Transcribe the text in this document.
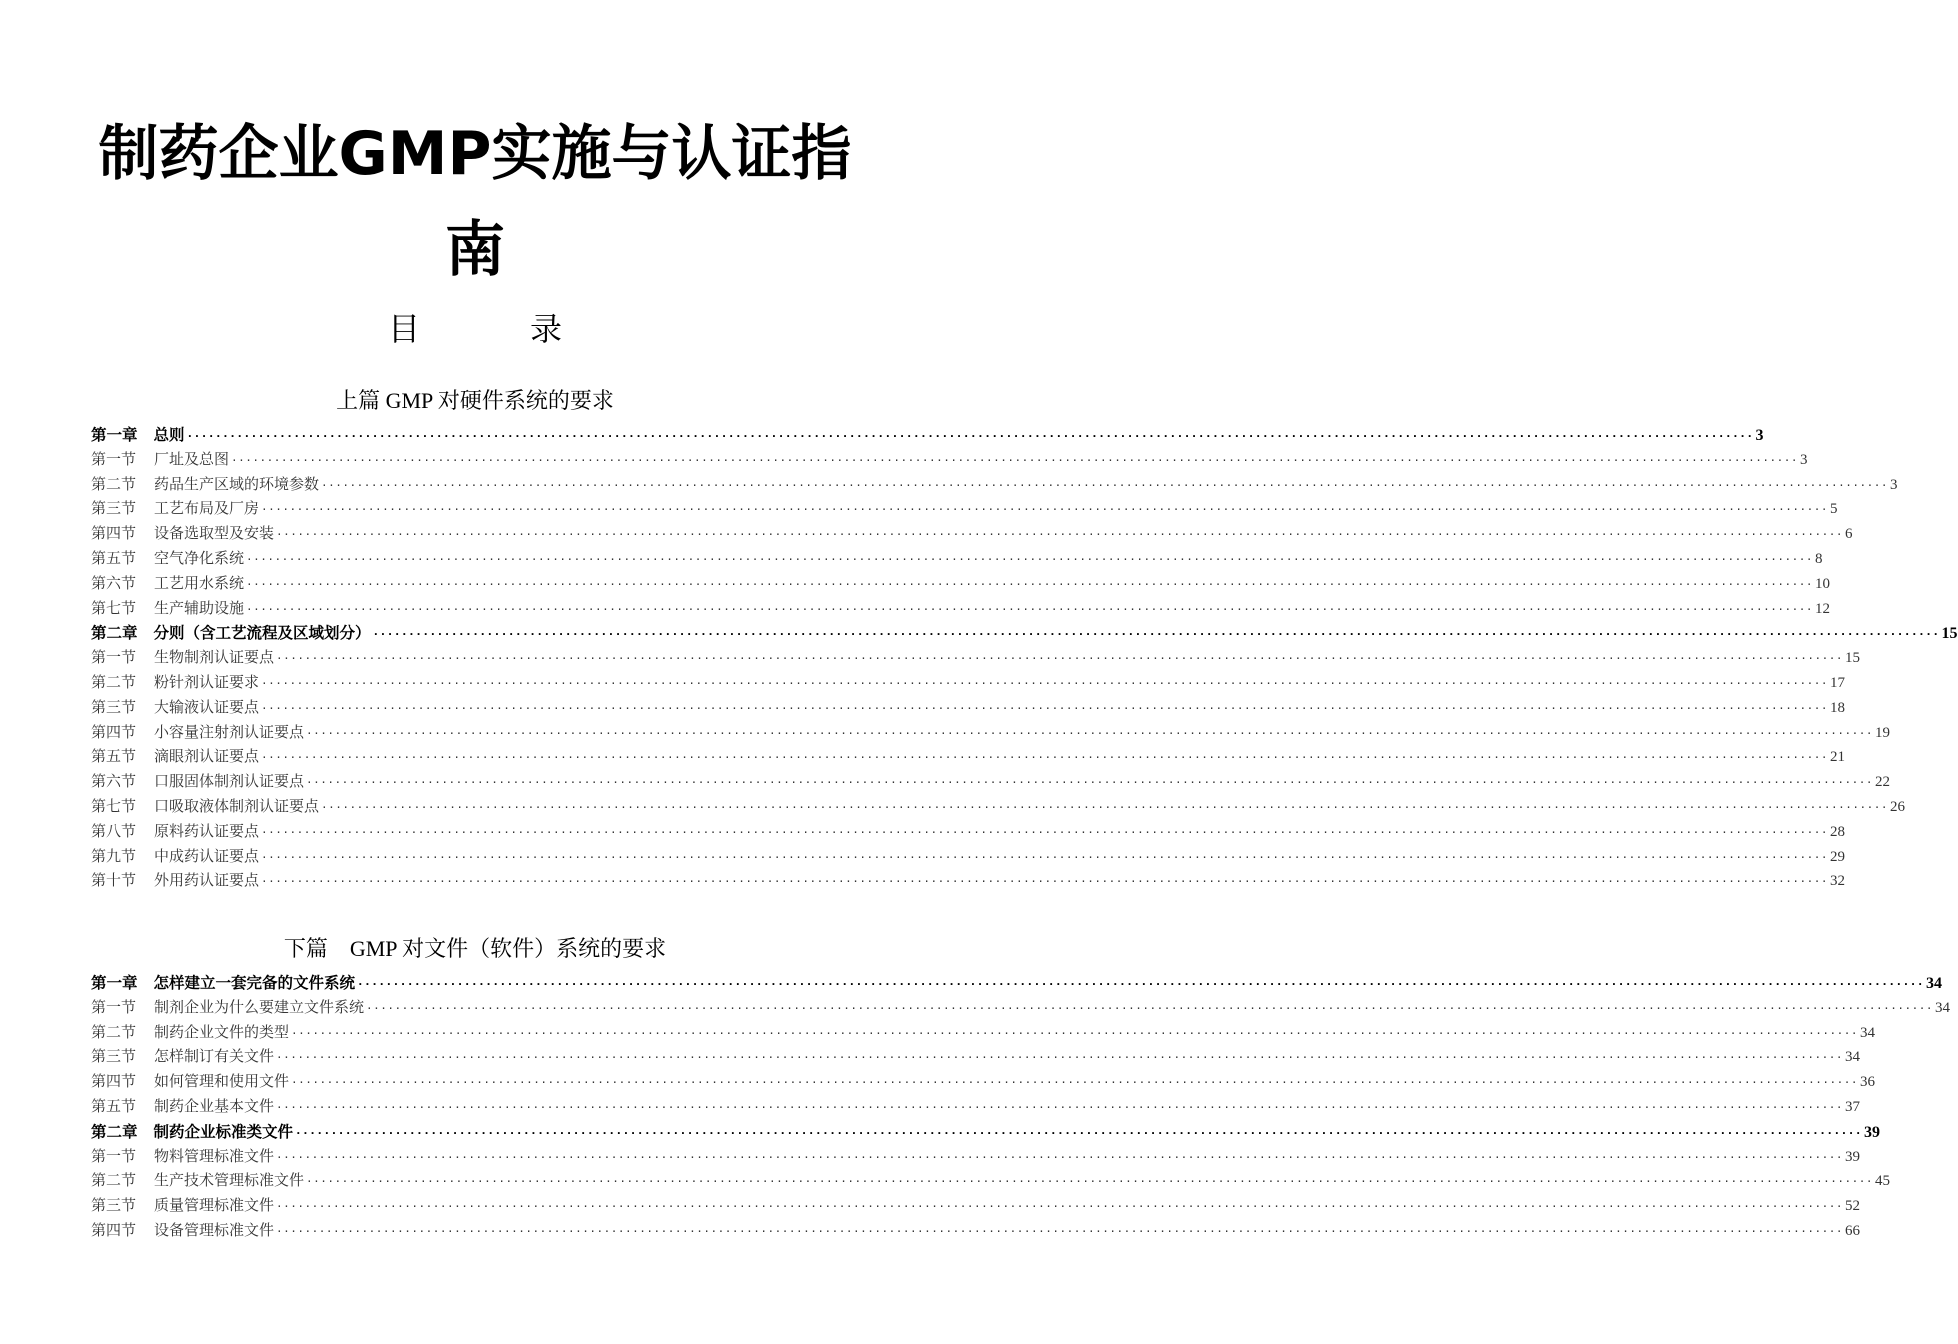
制药企业GMP实施与认证指
南
目	录
上篇 GMP 对硬件系统的要求
第一章 总则 ···························································································································································································································· 3
第一节 厂址及总图 ···························································································································································································································· 3
第二节 药品生产区域的环境参数 ···························································································································································································································· 3
第三节 工艺布局及厂房 ···························································································································································································································· 5
第四节 设备选取型及安装 ···························································································································································································································· 6
第五节 空气净化系统 ···························································································································································································································· 8
第六节 工艺用水系统 ···························································································································································································································· 10
第七节 生产辅助设施 ···························································································································································································································· 12
第二章 分则（含工艺流程及区域划分） ···························································································································································································································· 15
第一节 生物制剂认证要点 ···························································································································································································································· 15
第二节 粉针剂认证要求 ···························································································································································································································· 17
第三节 大输液认证要点 ···························································································································································································································· 18
第四节 小容量注射剂认证要点 ···························································································································································································································· 19
第五节 滴眼剂认证要点 ···························································································································································································································· 21
第六节 口服固体制剂认证要点 ···························································································································································································································· 22
第七节 口吸取液体制剂认证要点 ···························································································································································································································· 26
第八节 原料药认证要点 ···························································································································································································································· 28
第九节 中成药认证要点 ···························································································································································································································· 29
第十节 外用药认证要点 ···························································································································································································································· 32
下篇　GMP 对文件（软件）系统的要求
第一章 怎样建立一套完备的文件系统 ···························································································································································································································· 34
第一节 制剂企业为什么要建立文件系统 ···························································································································································································································· 34
第二节 制药企业文件的类型 ···························································································································································································································· 34
第三节 怎样制订有关文件 ···························································································································································································································· 34
第四节 如何管理和使用文件 ···························································································································································································································· 36
第五节 制药企业基本文件 ···························································································································································································································· 37
第二章 制药企业标准类文件 ···························································································································································································································· 39
第一节 物料管理标准文件 ···························································································································································································································· 39
第二节 生产技术管理标准文件 ···························································································································································································································· 45
第三节 质量管理标准文件 ···························································································································································································································· 52
第四节 设备管理标准文件 ···························································································································································································································· 66
